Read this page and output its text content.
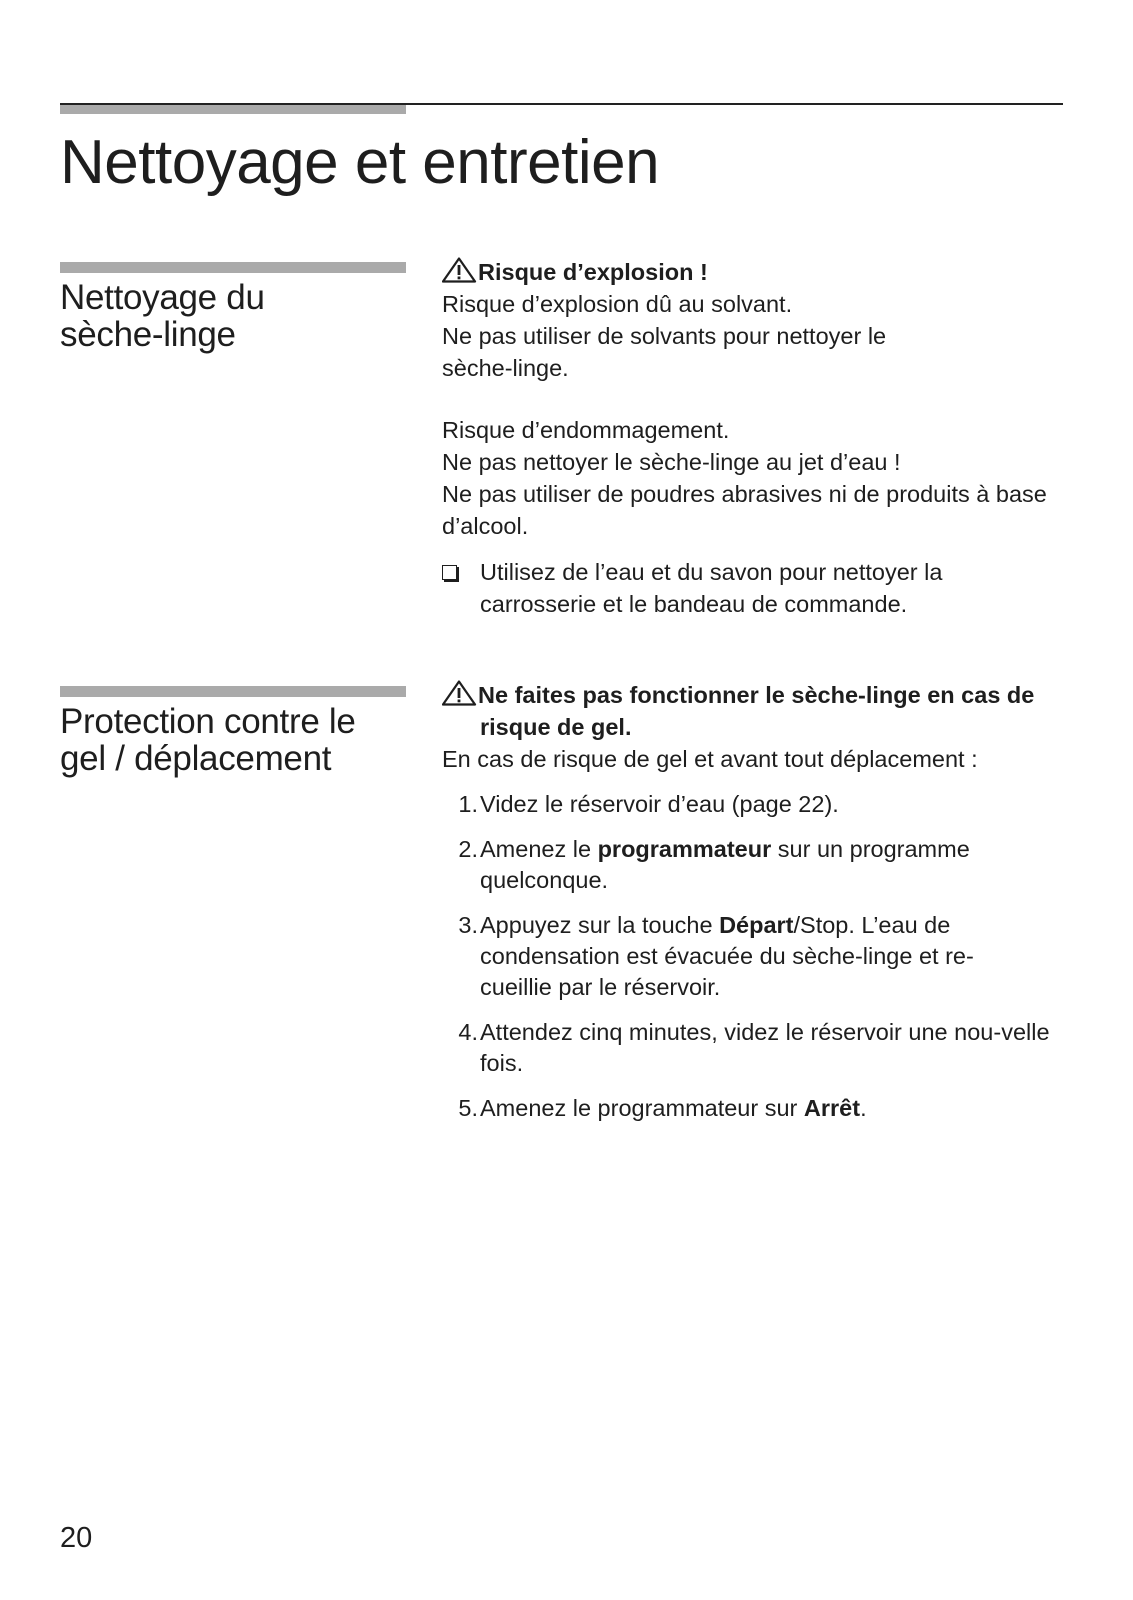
Nettoyage et entretien
Nettoyage du
sèche-linge

Risque d’explosion !

Risque d’explosion dû au solvant.

Ne pas utiliser de solvants pour nettoyer le sèche-linge.

Risque d’endommagement.

Ne pas nettoyer le sèche-linge au jet d’eau !

Ne pas utiliser de poudres abrasives ni de produits à base d’alcool.

Utilisez de l’eau et du savon pour nettoyer la carrosserie et le bandeau de commande.
Protection contre le
gel / déplacement

Ne faites pas fonctionner le sèche-linge en cas de risque de gel.

En cas de risque de gel et avant tout déplacement :

1. Videz le réservoir d’eau (page 22).
2. Amenez le programmateur sur un programme quelconque.
3. Appuyez sur la touche Départ/Stop. L’eau de condensation est évacuée du sèche-linge et re-cueillie par le réservoir.
4. Attendez cinq minutes, videz le réservoir une nou-velle fois.
5. Amenez le programmateur sur Arrêt.
20
